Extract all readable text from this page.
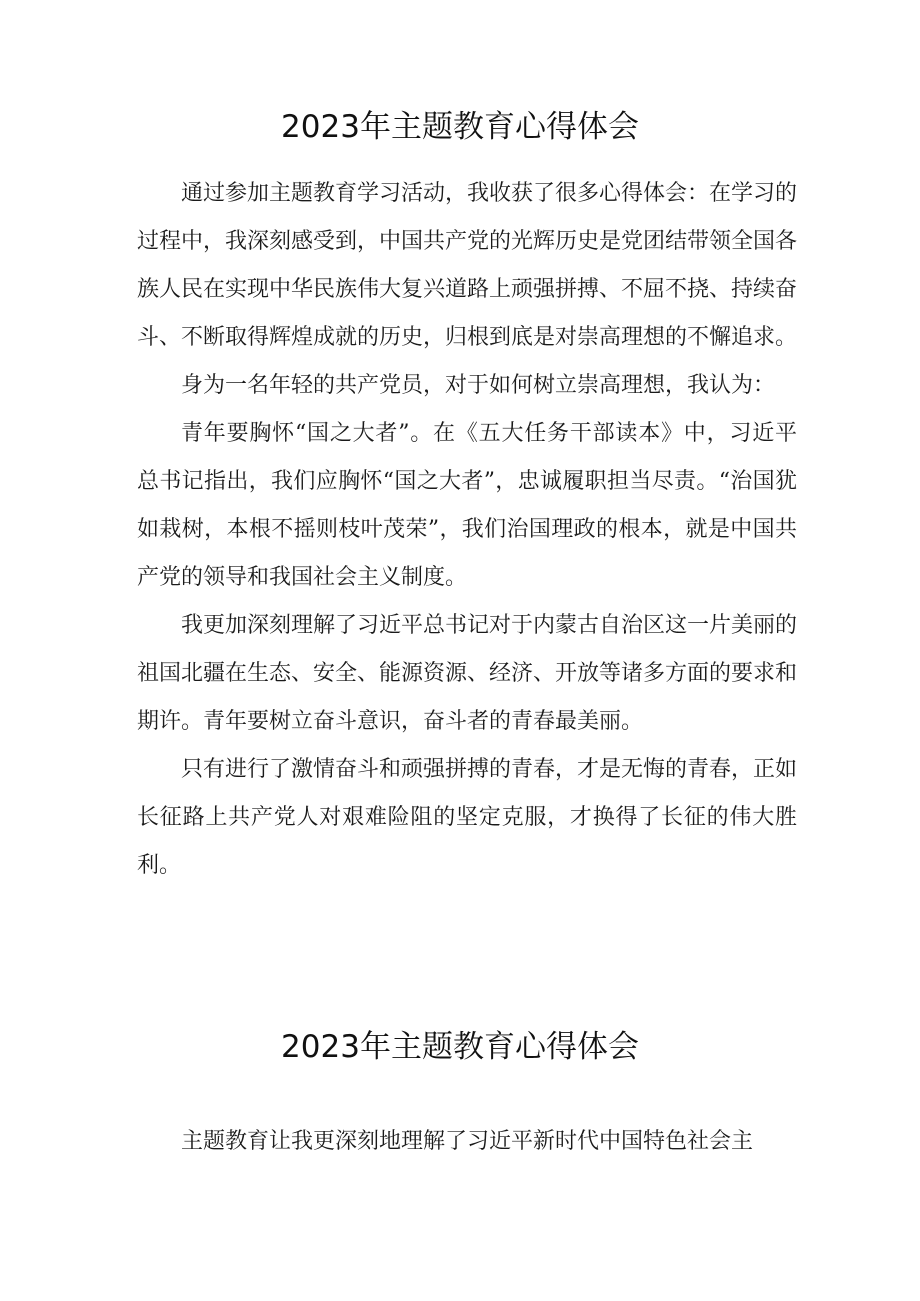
2023年主题教育心得体会

通过参加主题教育学习活动，我收获了很多心得体会：在学习的过程中，我深刻感受到，中国共产党的光辉历史是党团结带领全国各族人民在实现中华民族伟大复兴道路上顽强拼搏、不屈不挠、持续奋斗、不断取得辉煌成就的历史，归根到底是对崇高理想的不懈追求。

身为一名年轻的共产党员，对于如何树立崇高理想，我认为：

青年要胸怀“国之大者”。在《五大任务干部读本》中，习近平总书记指出，我们应胸怀“国之大者”，忠诚履职担当尽责。“治国犹如栽树，本根不摇则枝叶茂荣”，我们治国理政的根本，就是中国共产党的领导和我国社会主义制度。

我更加深刻理解了习近平总书记对于内蒙古自治区这一片美丽的祖国北疆在生态、安全、能源资源、经济、开放等诸多方面的要求和期许。青年要树立奋斗意识，奋斗者的青春最美丽。

只有进行了激情奋斗和顽强拼搏的青春，才是无悔的青春，正如长征路上共产党人对艰难险阻的坚定克服，才换得了长征的伟大胜利。

2023年主题教育心得体会

主题教育让我更深刻地理解了习近平新时代中国特色社会主
